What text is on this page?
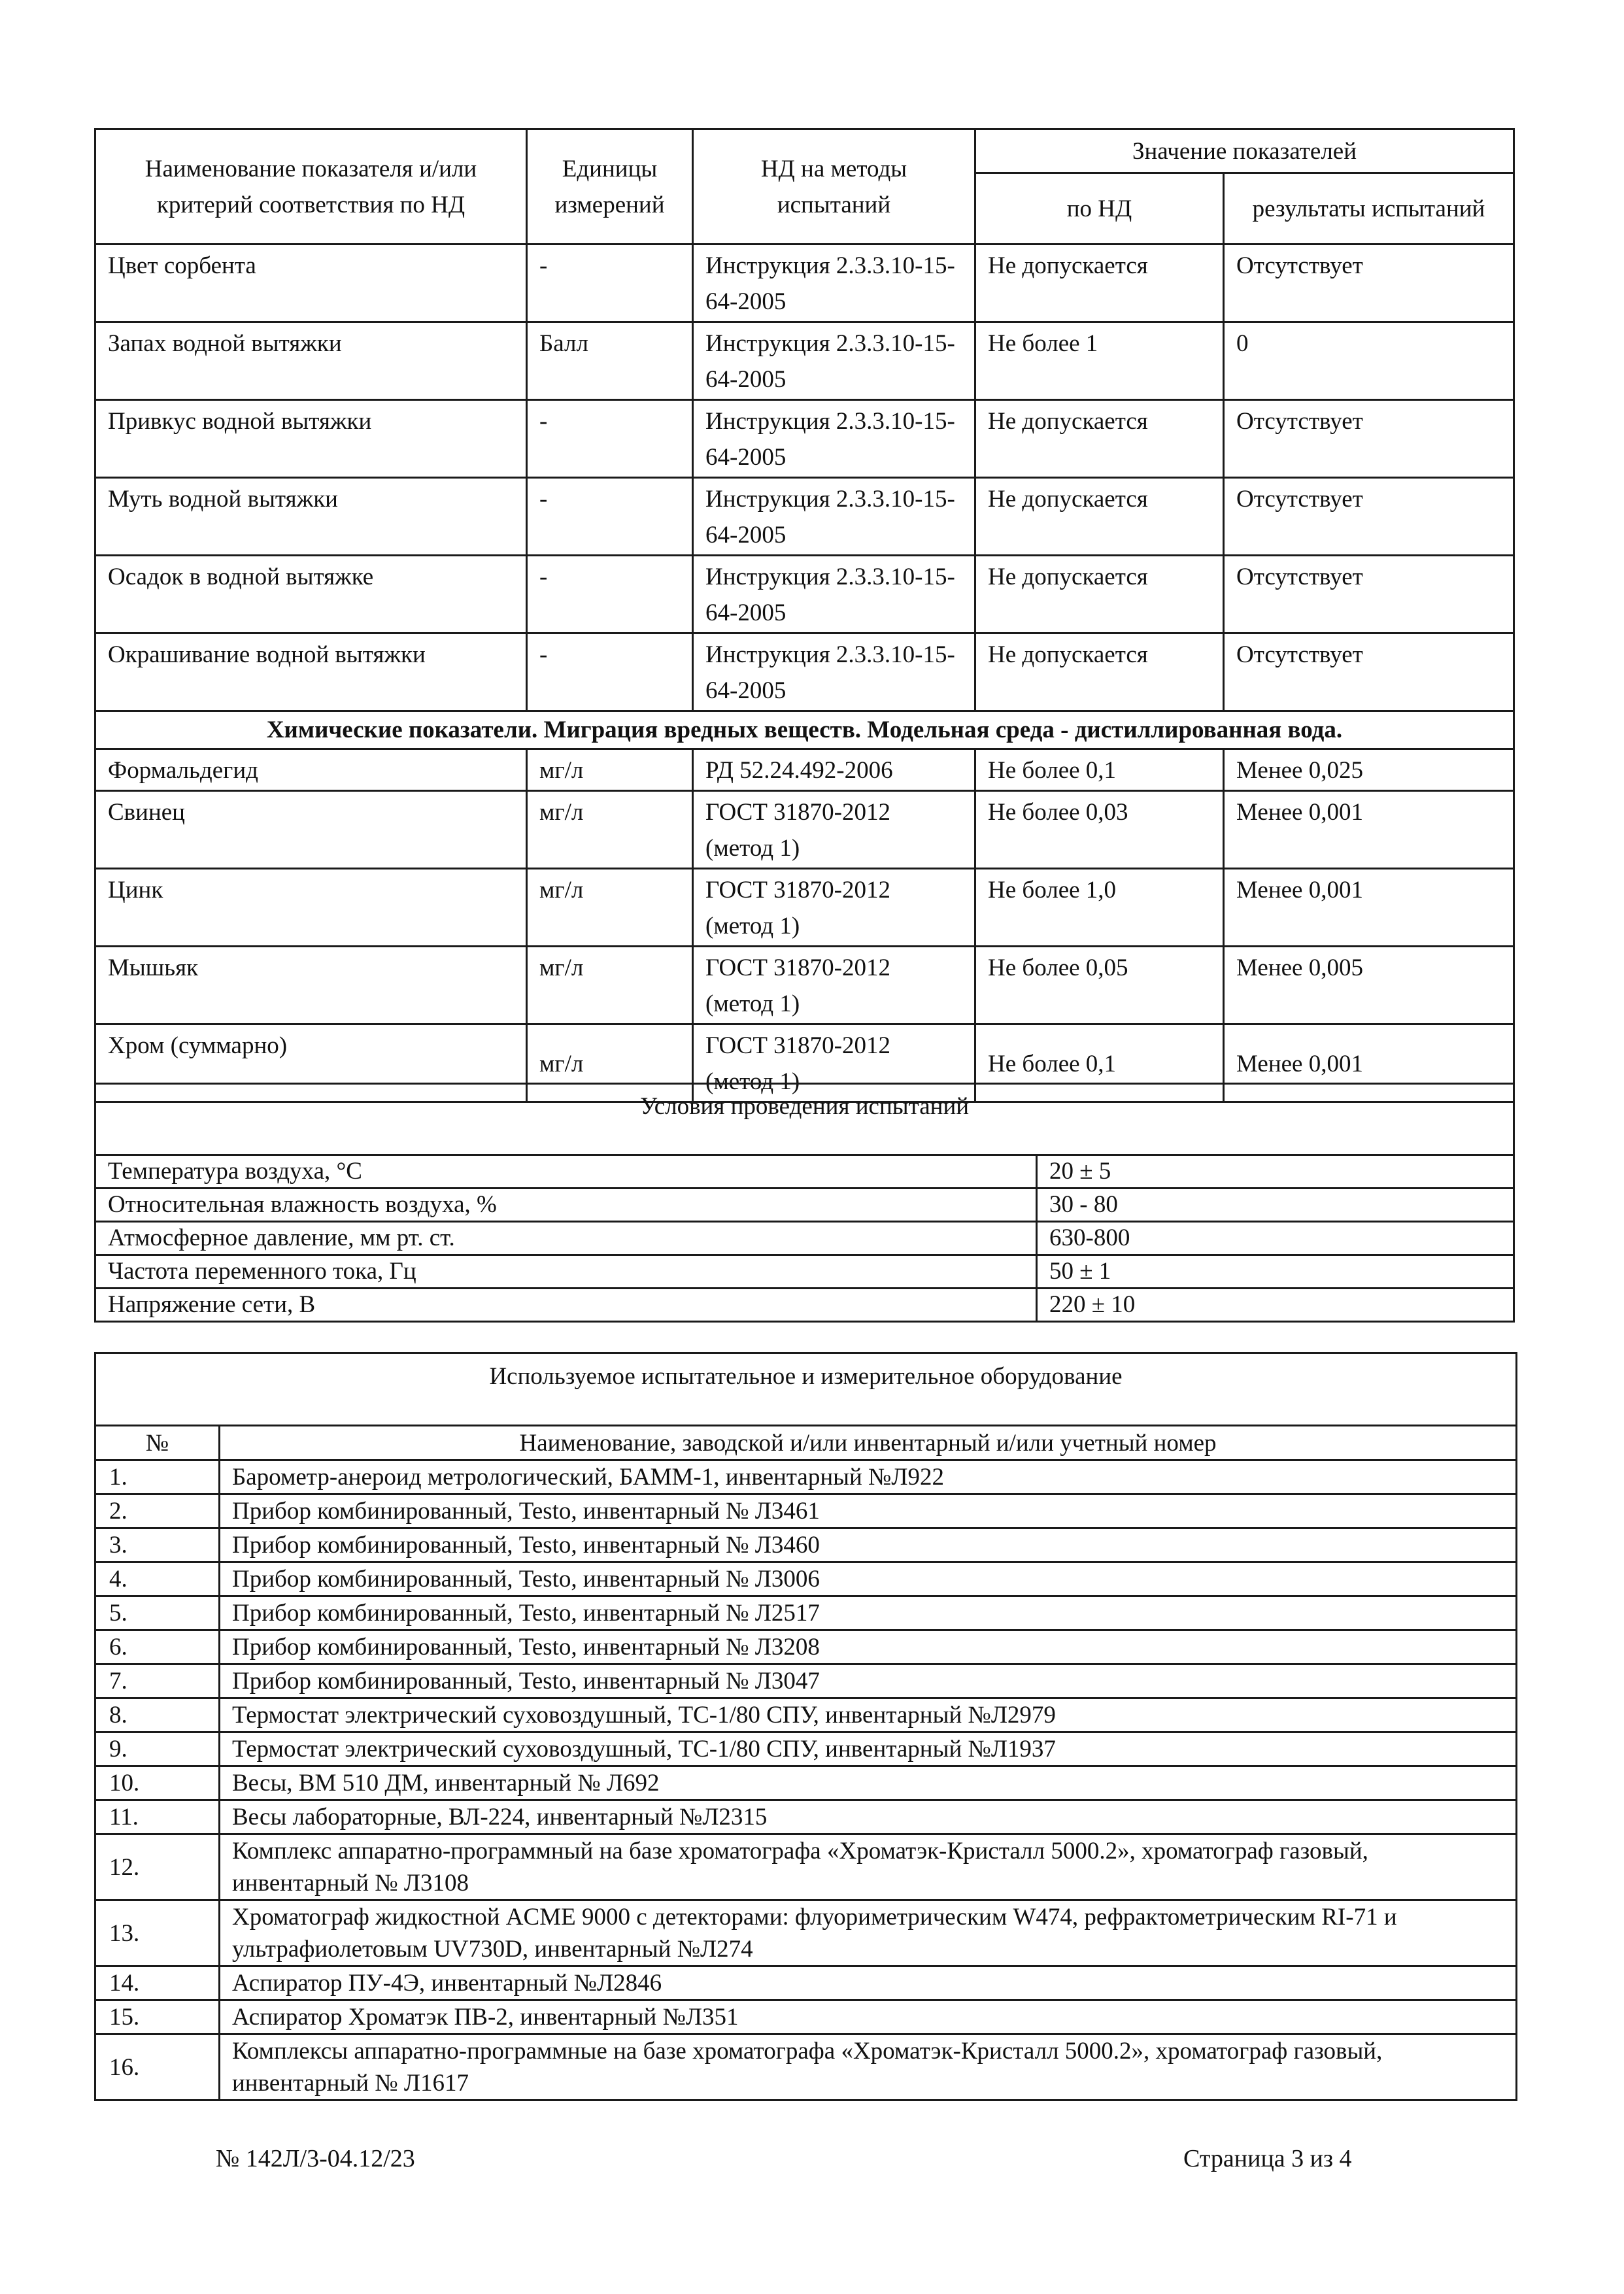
Наименование показателя и/или критерий соответствия по НД	Единицы измерений	НД на методы испытаний	Значение показателей	
			по НД	результаты испытаний
Цвет сорбента	-	Инструкция 2.3.3.10-15-64-2005	Не допускается	Отсутствует
Запах водной вытяжки	Балл	Инструкция 2.3.3.10-15-64-2005	Не более 1	0
Привкус водной вытяжки	-	Инструкция 2.3.3.10-15-64-2005	Не допускается	Отсутствует
Муть водной вытяжки	-	Инструкция 2.3.3.10-15-64-2005	Не допускается	Отсутствует
Осадок в водной вытяжке	-	Инструкция 2.3.3.10-15-64-2005	Не допускается	Отсутствует
Окрашивание водной вытяжки	-	Инструкция 2.3.3.10-15-64-2005	Не допускается	Отсутствует
Химические показатели. Миграция вредных веществ. Модельная среда - дистиллированная вода.				
Формальдегид	мг/л	РД 52.24.492-2006	Не более 0,1	Менее 0,025
Свинец	мг/л	ГОСТ 31870-2012 (метод 1)	Не более 0,03	Менее 0,001
Цинк	мг/л	ГОСТ 31870-2012 (метод 1)	Не более 1,0	Менее 0,001
Мышьяк	мг/л	ГОСТ 31870-2012 (метод 1)	Не более 0,05	Менее 0,005
Хром (суммарно)	мг/л	ГОСТ 31870-2012 (метод 1)	Не более 0,1	Менее 0,001
Условия проведения испытаний	
Температура воздуха, °С	20 ± 5
Относительная влажность воздуха, %	30 - 80
Атмосферное давление, мм рт. ст.	630-800
Частота переменного тока, Гц	50 ± 1
Напряжение сети, В	220 ± 10
Используемое испытательное и измерительное оборудование	
№	Наименование, заводской и/или инвентарный и/или учетный номер
1.	Барометр-анероид метрологический, БАММ-1, инвентарный №Л922
2.	Прибор комбинированный, Testo, инвентарный № Л3461
3.	Прибор комбинированный, Testo, инвентарный № Л3460
4.	Прибор комбинированный, Testo, инвентарный № Л3006
5.	Прибор комбинированный, Testo, инвентарный № Л2517
6.	Прибор комбинированный, Testo, инвентарный № Л3208
7.	Прибор комбинированный, Testo, инвентарный № Л3047
8.	Термостат электрический суховоздушный, ТС-1/80 СПУ, инвентарный №Л2979
9.	Термостат электрический суховоздушный, ТС-1/80 СПУ, инвентарный №Л1937
10.	Весы, ВМ 510 ДМ, инвентарный № Л692
11.	Весы лабораторные, ВЛ-224, инвентарный №Л2315
12.	Комплекс аппаратно-программный на базе хроматографа «Хроматэк-Кристалл 5000.2», хроматограф газовый, инвентарный № Л3108
13.	Хроматограф жидкостной ACME 9000 с детекторами: флуориметрическим W474, рефрактометрическим RI-71 и ультрафиолетовым UV730D, инвентарный №Л274
14.	Аспиратор ПУ-4Э, инвентарный №Л2846
15.	Аспиратор Хроматэк ПВ-2, инвентарный №Л351
16.	Комплексы аппаратно-программные на базе хроматографа «Хроматэк-Кристалл 5000.2», хроматограф газовый, инвентарный № Л1617
№ 142Л/3-04.12/23	Страница 3 из 4
